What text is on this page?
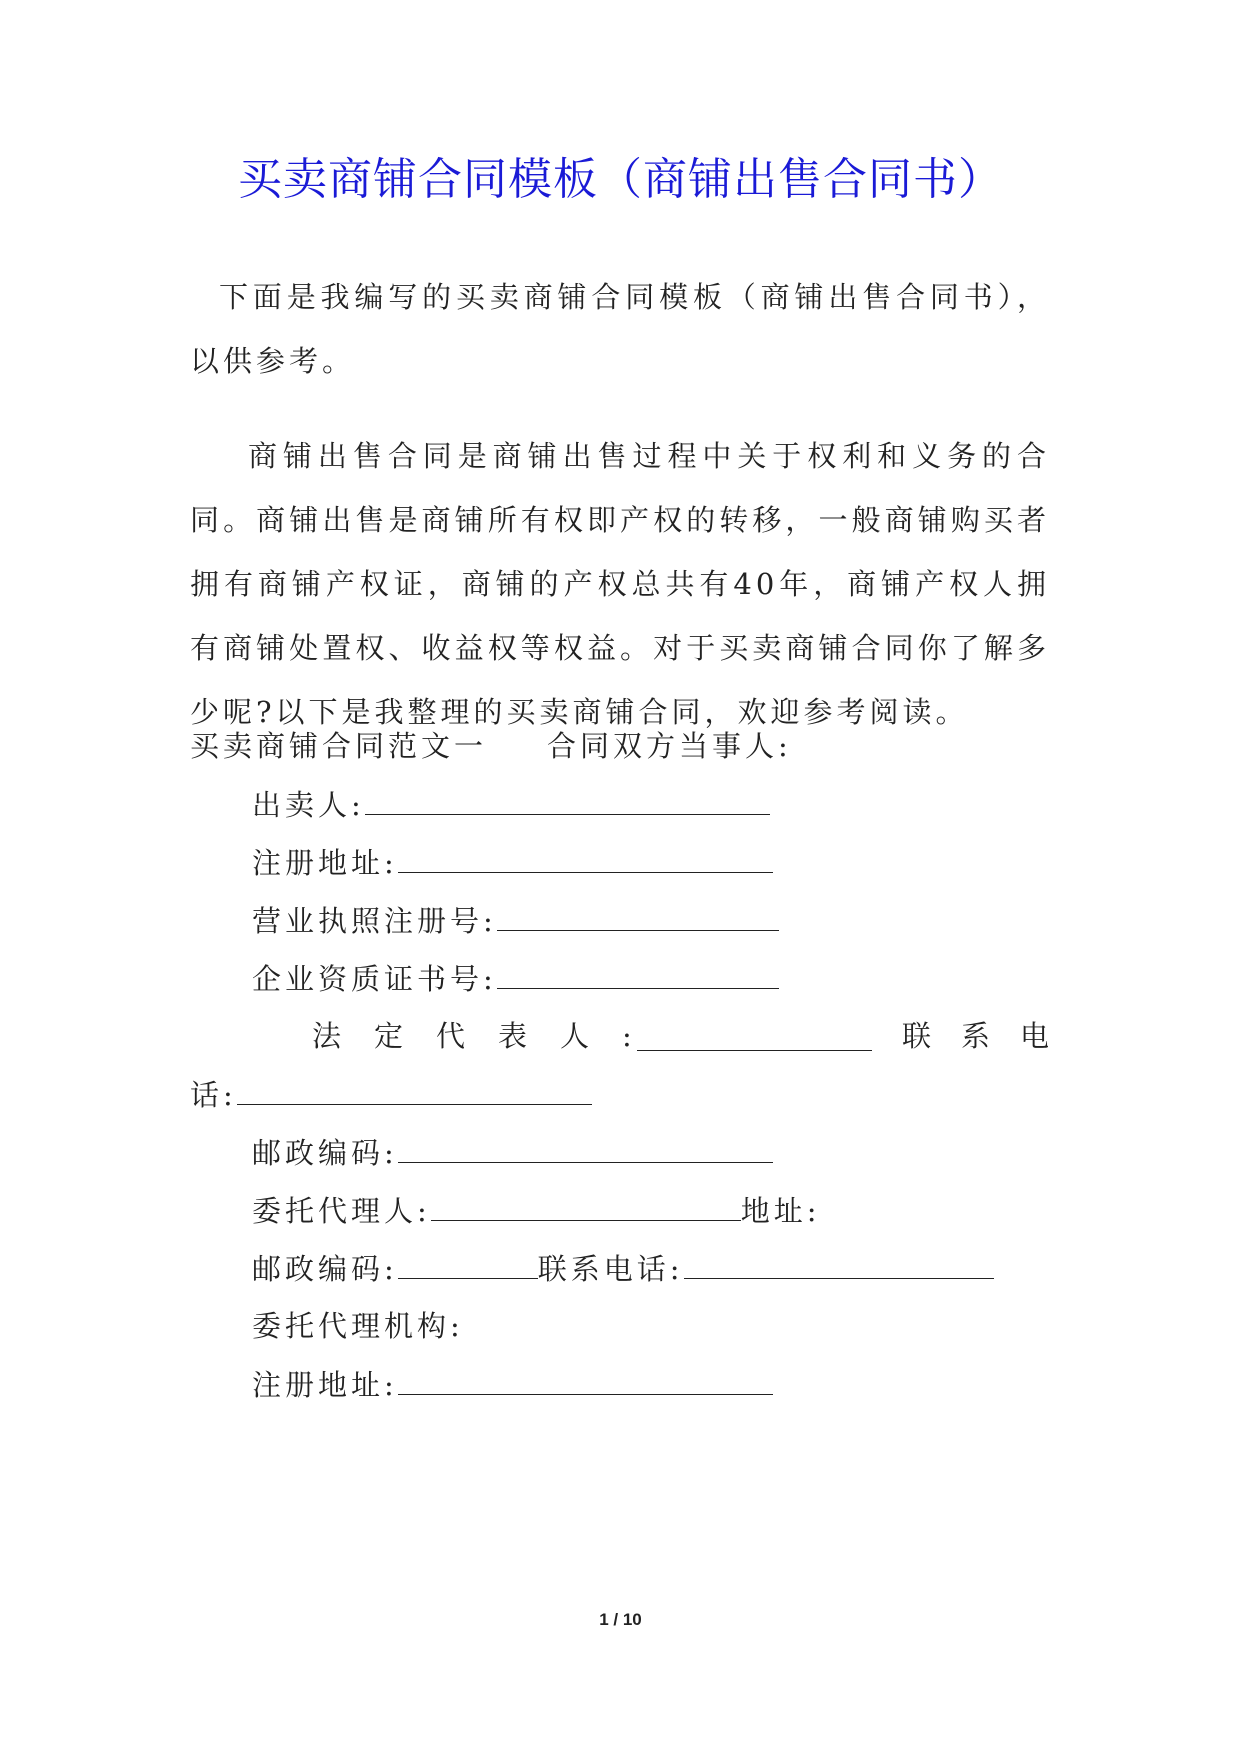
买卖商铺合同模板（商铺出售合同书）
下面是我编写的买卖商铺合同模板（商铺出售合同书），以供参考。
商铺出售合同是商铺出售过程中关于权利和义务的合同。商铺出售是商铺所有权即产权的转移，一般商铺购买者拥有商铺产权证，商铺的产权总共有40年，商铺产权人拥有商铺处置权、收益权等权益。对于买卖商铺合同你了解多少呢?以下是我整理的买卖商铺合同，欢迎参考阅读。
买卖商铺合同范文一 合同双方当事人:
出卖人:
注册地址:
营业执照注册号:
企业资质证书号:
法 定 代 表 人 :	联 系 电
话:
邮政编码:
委托代理人:	地址:
邮政编码:	联系电话:
委托代理机构:
注册地址:
1 / 10
